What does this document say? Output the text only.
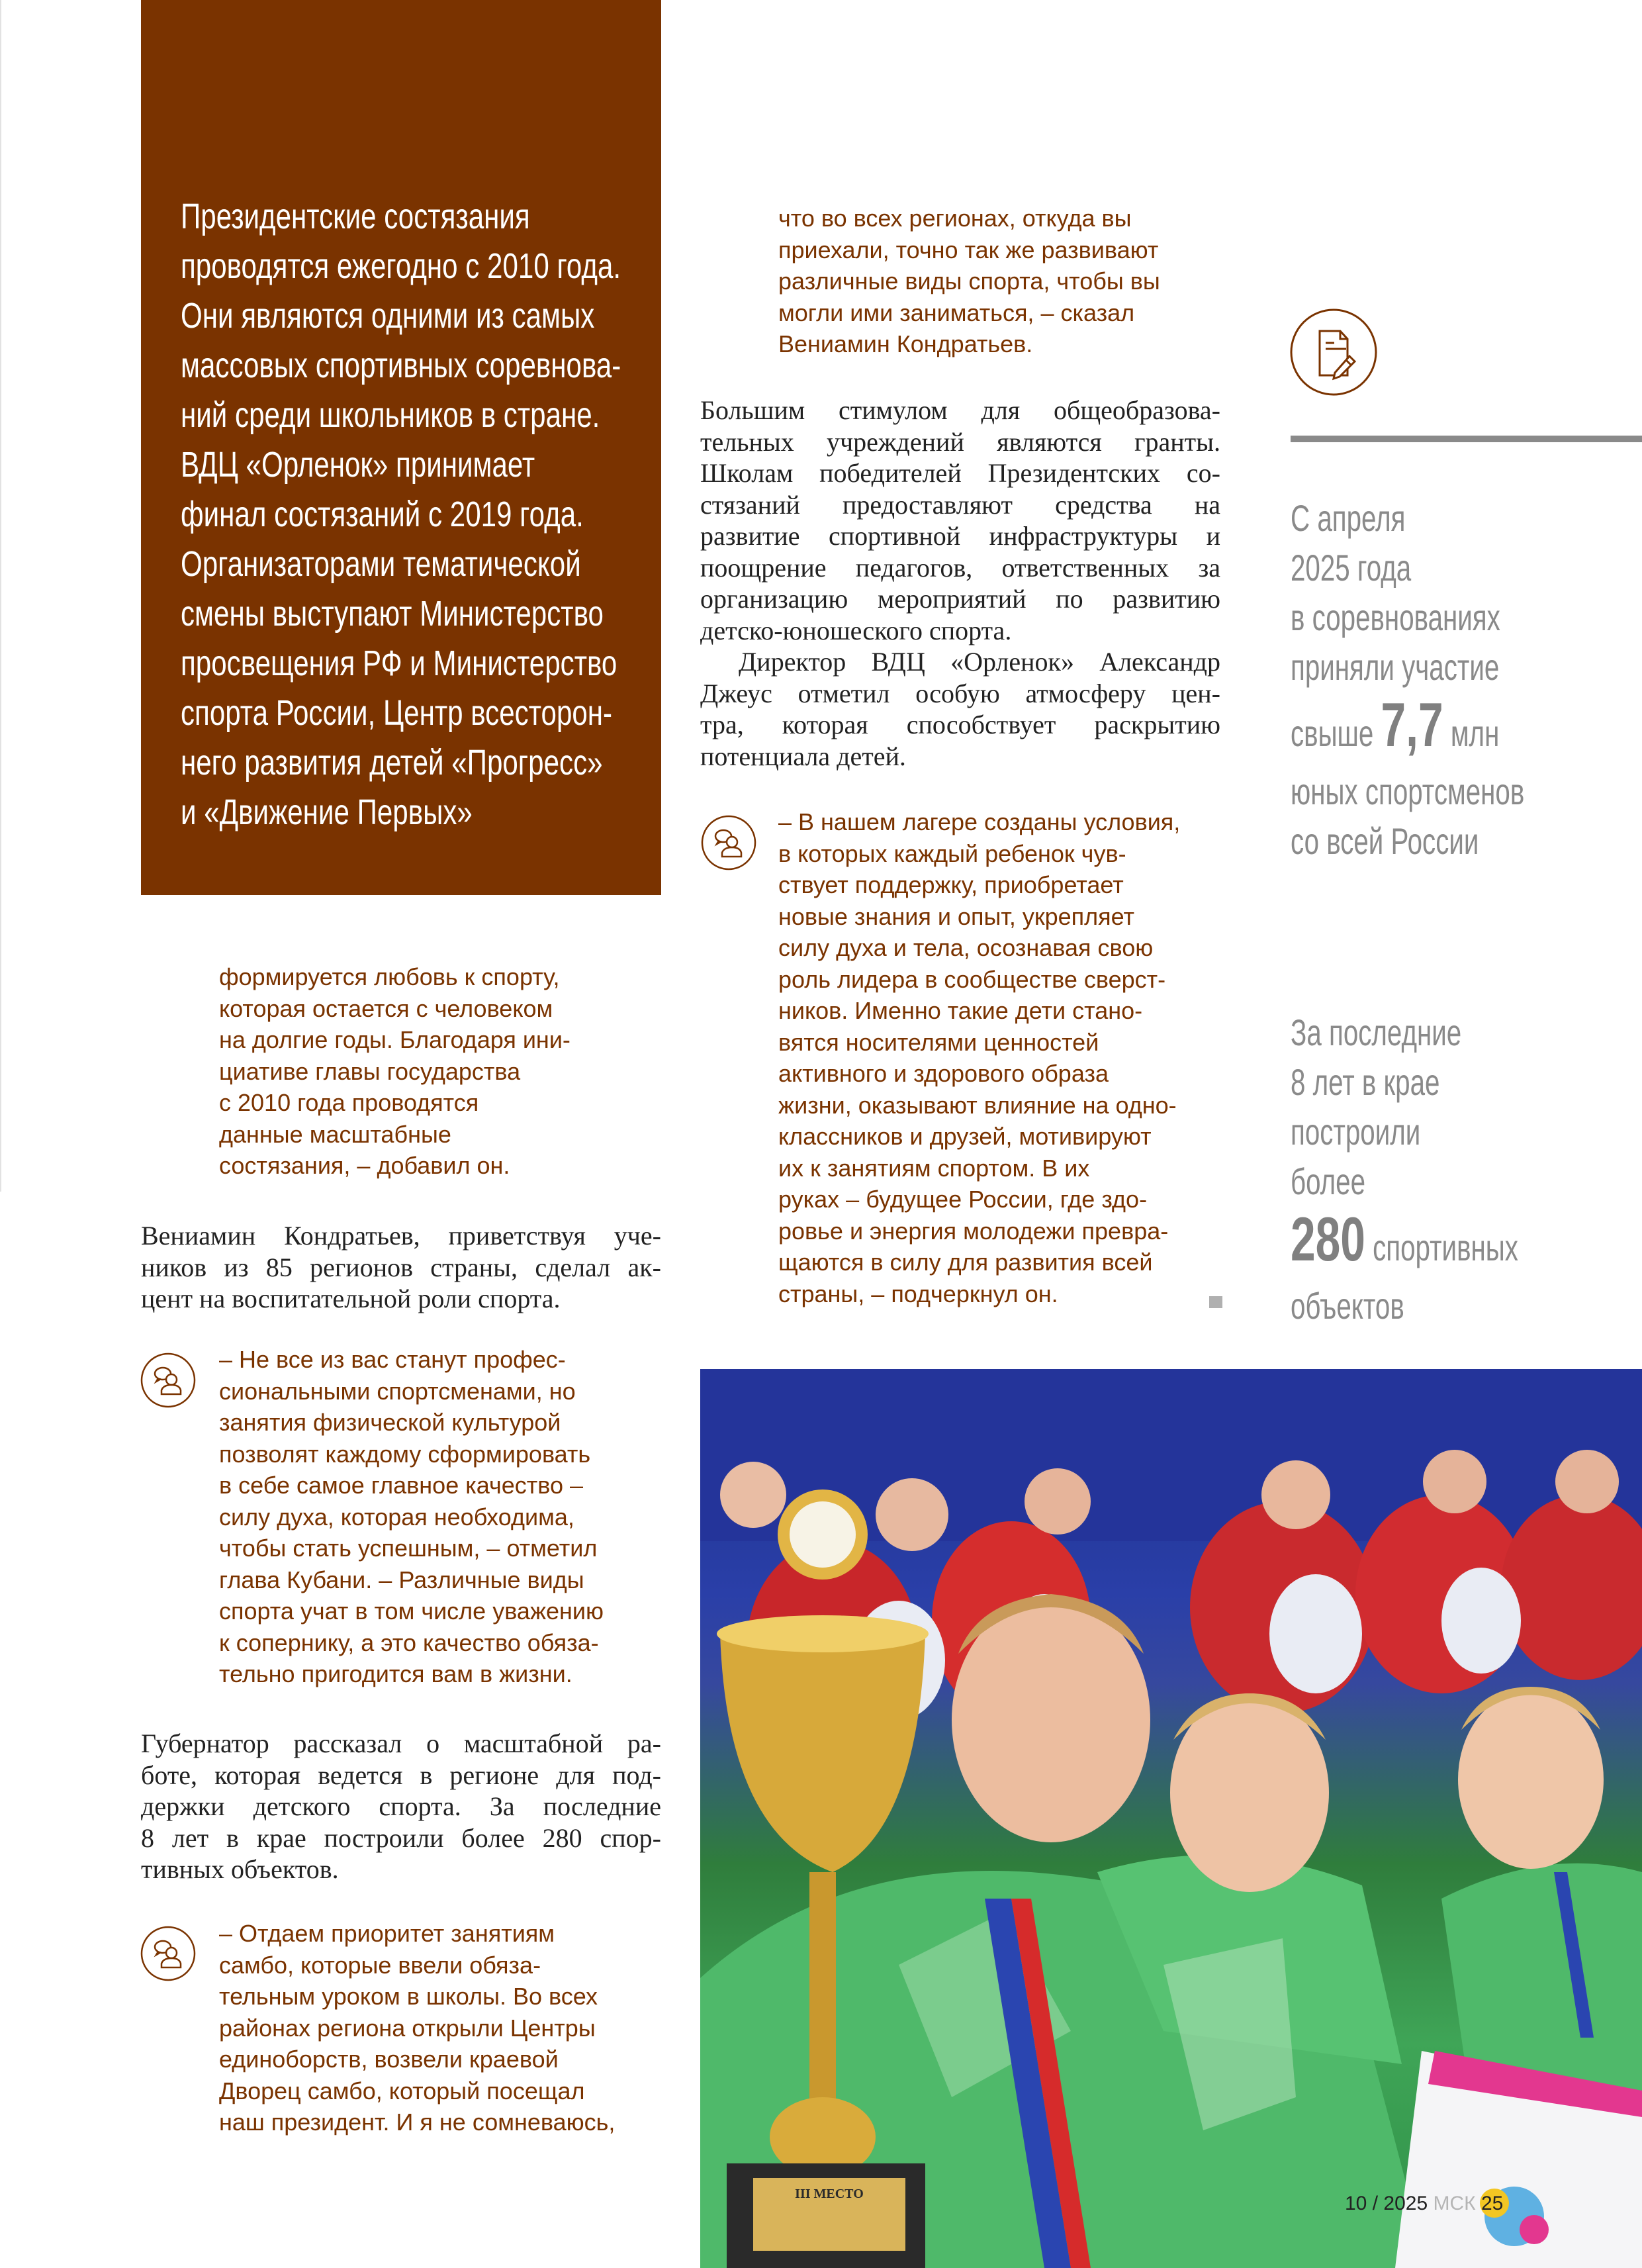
Президентские состязания
проводятся ежегодно с 2010 года.
Они являются одними из самых
массовых спортивных соревнова-
ний среди школьников в стране.
ВДЦ «Орленок» принимает
финал состязаний с 2019 года.
Организаторами тематической
смены выступают Министерство
просвещения РФ и Министерство
спорта России, Центр всесторон-
него развития детей «Прогресс»
и «Движение Первых»
формируется любовь к спорту,
которая остается с человеком
на долгие годы. Благодаря ини-
циативе главы государства
с 2010 года проводятся
данные масштабные
состязания, – добавил он.
Вениамин Кондратьев, приветствуя уче-
ников из 85 регионов страны, сделал ак-
цент на воспитательной роли спорта.
– Не все из вас станут профес-
сиональными спортсменами, но
занятия физической культурой
позволят каждому сформировать
в себе самое главное качество –
силу духа, которая необходима,
чтобы стать успешным, – отметил
глава Кубани. – Различные виды
спорта учат в том числе уважению
к сопернику, а это качество обяза-
тельно пригодится вам в жизни.
Губернатор рассказал о масштабной ра-
боте, которая ведется в регионе для под-
держки детского спорта. За последние
8 лет в крае построили более 280 спор-
тивных объектов.
– Отдаем приоритет занятиям
самбо, которые ввели обяза-
тельным уроком в школы. Во всех
районах региона открыли Центры
единоборств, возвели краевой
Дворец самбо, который посещал
наш президент. И я не сомневаюсь,
что во всех регионах, откуда вы
приехали, точно так же развивают
различные виды спорта, чтобы вы
могли ими заниматься, – сказал
Вениамин Кондратьев.
Большим стимулом для общеобразова-
тельных учреждений являются гранты.
Школам победителей Президентских со-
стязаний предоставляют средства на
развитие спортивной инфраструктуры и
поощрение педагогов, ответственных за
организацию мероприятий по развитию
детско-юношеского спорта.
Директор ВДЦ «Орленок» Александр
Джеус отметил особую атмосферу цен-
тра, которая способствует раскрытию
потенциала детей.
– В нашем лагере созданы условия,
в которых каждый ребенок чув-
ствует поддержку, приобретает
новые знания и опыт, укрепляет
силу духа и тела, осознавая свою
роль лидера в сообществе сверст-
ников. Именно такие дети стано-
вятся носителями ценностей
активного и здорового образа
жизни, оказывают влияние на одно-
классников и друзей, мотивируют
их к занятиям спортом. В их
руках – будущее России, где здо-
ровье и энергия молодежи превра-
щаются в силу для развития всей
страны, – подчеркнул он.
С апреля
2025 года
в соревнованиях
приняли участие
свыше 7,7 млн
юных спортсменов
со всей России
За последние
8 лет в крае
построили
более
280 спортивных
объектов
III МЕСТО	10 / 2025 МСК 25
